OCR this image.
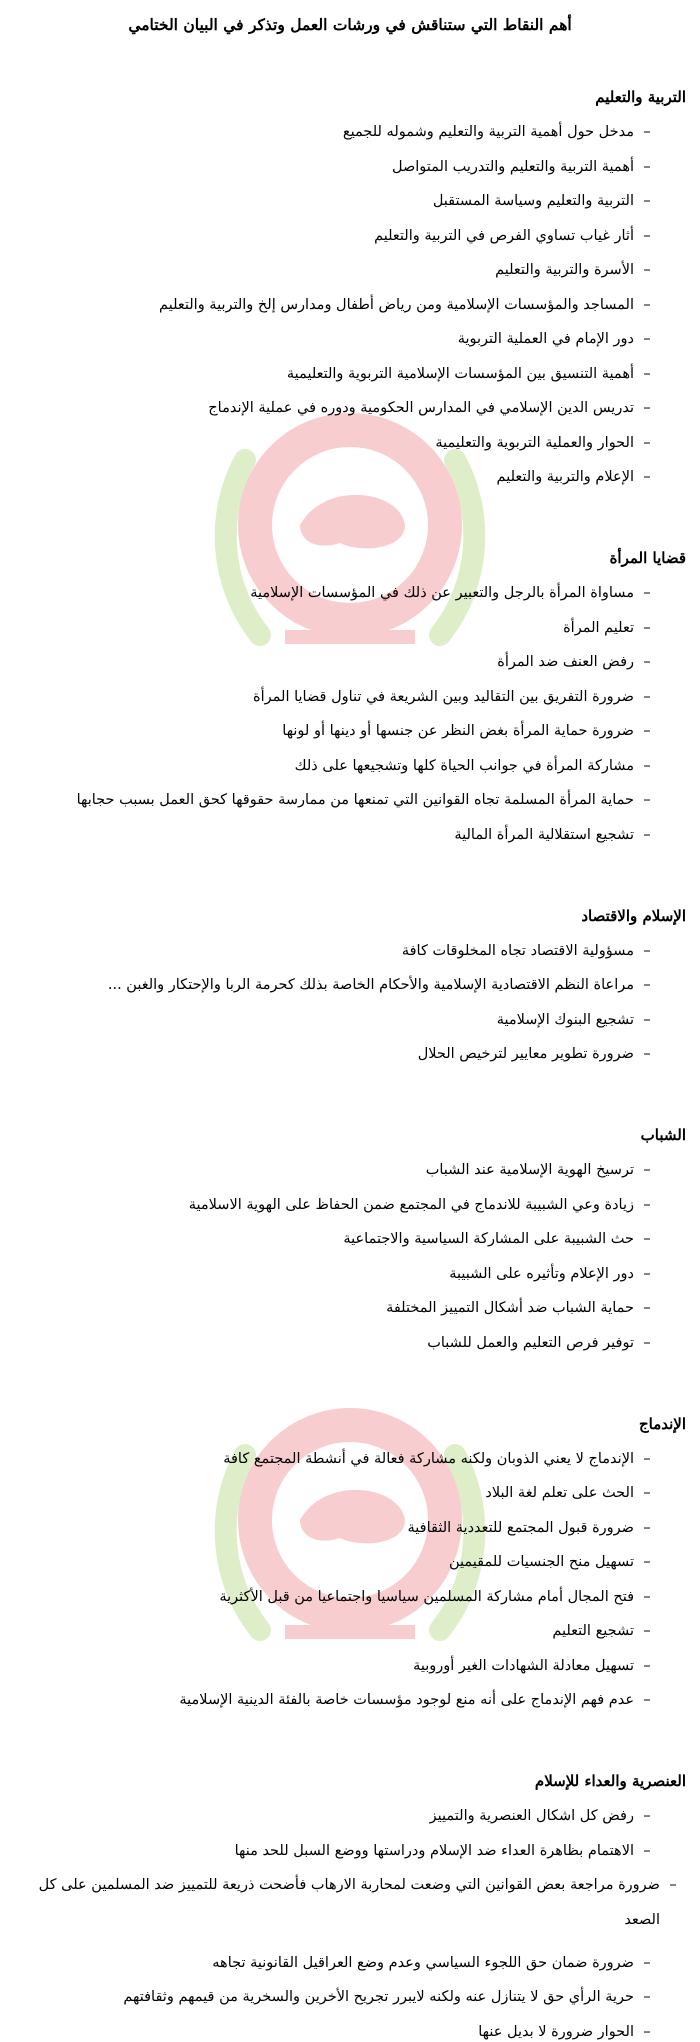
أهم النقاط التي ستناقش في ورشات العمل وتذكر في البيان الختامي
التربية والتعليم
–
مدخل حول أهمية التربية والتعليم وشموله للجميع
–
أهمية التربية والتعليم والتدريب المتواصل
–
التربية والتعليم وسياسة المستقبل
–
أثار غياب تساوي الفرص في التربية والتعليم
–
الأسرة والتربية والتعليم
–
المساجد والمؤسسات الإسلامية ومن رياض أطفال ومدارس إلخ والتربية والتعليم
–
دور الإمام في العملية التربوية
–
أهمية التنسيق بين المؤسسات الإسلامية التربوية والتعليمية
–
تدريس الدين الإسلامي في المدارس الحكومية ودوره في عملية الإندماج
–
الحوار والعملية التربوية والتعليمية
–
الإعلام والتربية والتعليم
قضايا المرأة
–
مساواة المرأة بالرجل والتعبير عن ذلك في المؤسسات الإسلامية
–
تعليم المرأة
–
رفض العنف ضد المرأة
–
ضرورة التفريق بين التقاليد وبين الشريعة في تناول قضايا المرأة
–
ضرورة حماية المرأة بغض النظر عن جنسها أو دينها أو لونها
–
مشاركة المرأة في جوانب الحياة كلها وتشجيعها على ذلك
–
حماية المرأة المسلمة تجاه القوانين التي تمنعها من ممارسة حقوقها كحق العمل بسبب حجابها
–
تشجيع استقلالية المرأة المالية
الإسلام والاقتصاد
–
مسؤولية الاقتصاد تجاه المخلوقات كافة
–
مراعاة النظم الاقتصادية الإسلامية والأحكام الخاصة بذلك كحرمة الربا والإحتكار والغبن ...
–
تشجيع البنوك الإسلامية
–
ضرورة تطوير معايير لترخيص الحلال
الشباب
–
ترسيخ الهوية الإسلامية عند الشباب
–
زيادة وعي الشبيبة للاندماج في المجتمع ضمن الحفاظ على الهوية الاسلامية
–
حث الشبيبة على المشاركة السياسية والاجتماعية
–
دور الإعلام وتأثيره على الشبيبة
–
حماية الشباب ضد أشكال التمييز المختلفة
–
توفير فرص التعليم والعمل للشباب
الإندماج
–
الإندماج لا يعني الذوبان ولكنه مشاركة فعالة في أنشطة المجتمع كافة
–
الحث على تعلم لغة البلاد
–
ضرورة قبول المجتمع للتعددية الثقافية
–
تسهيل منح الجنسيات للمقيمين
–
فتح المجال أمام مشاركة المسلمين سياسيا واجتماعيا من قبل الأكثرية
–
تشجيع التعليم
–
تسهيل معادلة الشهادات الغير أوروبية
–
عدم فهم الإندماج على أنه منع لوجود مؤسسات خاصة بالفئة الدينية الإسلامية
العنصرية والعداء للإسلام
–
رفض كل اشكال العنصرية والتمييز
–
الاهتمام بظاهرة العداء ضد الإسلام ودراستها ووضع السبل للحد منها
–
ضرورة مراجعة بعض القوانين التي وضعت لمحاربة الارهاب فأضحت ذريعة للتمييز ضد المسلمين على كل الصعد
–
ضرورة ضمان حق اللجوء السياسي وعدم وضع العراقيل القانونية تجاهه
–
حرية الرأي حق لا يتنازل عنه ولكنه لايبرر تجريح الأخرين والسخرية من قيمهم وثقافتهم
–
الحوار ضرورة لا بديل عنها
